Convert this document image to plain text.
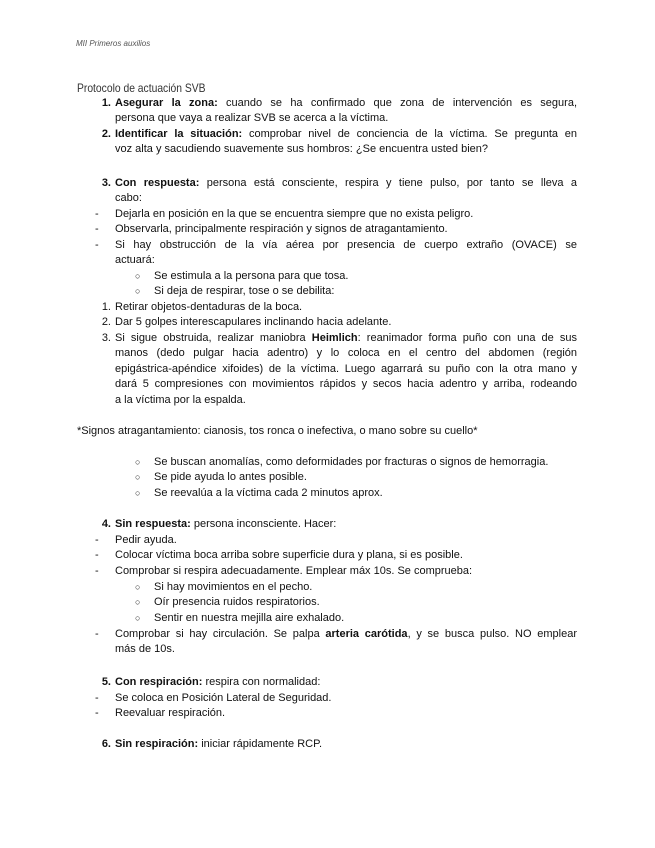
MII Primeros auxilios
Protocolo de actuación SVB
1. Asegurar la zona: cuando se ha confirmado que zona de intervención es segura,
persona que vaya a realizar SVB se acerca a la víctima.
2. Identificar la situación: comprobar nivel de conciencia de la víctima. Se pregunta en
voz alta y sacudiendo suavemente sus hombros: ¿Se encuentra usted bien?
3. Con respuesta: persona está consciente, respira y tiene pulso, por tanto se lleva a
cabo:
- Dejarla en posición en la que se encuentra siempre que no exista peligro.
- Observarla, principalmente respiración y signos de atragantamiento.
- Si hay obstrucción de la vía aérea por presencia de cuerpo extraño (OVACE) se
actuará:
○ Se estimula a la persona para que tosa.
○ Si deja de respirar, tose o se debilita:
1. Retirar objetos-dentaduras de la boca.
2. Dar 5 golpes interescapulares inclinando hacia adelante.
3. Si sigue obstruida, realizar maniobra Heimlich: reanimador forma puño con una de sus
manos (dedo pulgar hacia adentro) y lo coloca en el centro del abdomen (región
epigástrica-apéndice xifoides) de la víctima. Luego agarrará su puño con la otra mano y
dará 5 compresiones con movimientos rápidos y secos hacia adentro y arriba, rodeando
a la víctima por la espalda.
*Signos atragantamiento: cianosis, tos ronca o inefectiva, o mano sobre su cuello*
○ Se buscan anomalías, como deformidades por fracturas o signos de hemorragia.
○ Se pide ayuda lo antes posible.
○ Se reevalúa a la víctima cada 2 minutos aprox.
4. Sin respuesta: persona inconsciente. Hacer:
- Pedir ayuda.
- Colocar víctima boca arriba sobre superficie dura y plana, si es posible.
- Comprobar si respira adecuadamente. Emplear máx 10s. Se comprueba:
○ Si hay movimientos en el pecho.
○ Oír presencia ruidos respiratorios.
○ Sentir en nuestra mejilla aire exhalado.
- Comprobar si hay circulación. Se palpa arteria carótida, y se busca pulso. NO emplear
más de 10s.
5. Con respiración: respira con normalidad:
- Se coloca en Posición Lateral de Seguridad.
- Reevaluar respiración.
6. Sin respiración: iniciar rápidamente RCP.
